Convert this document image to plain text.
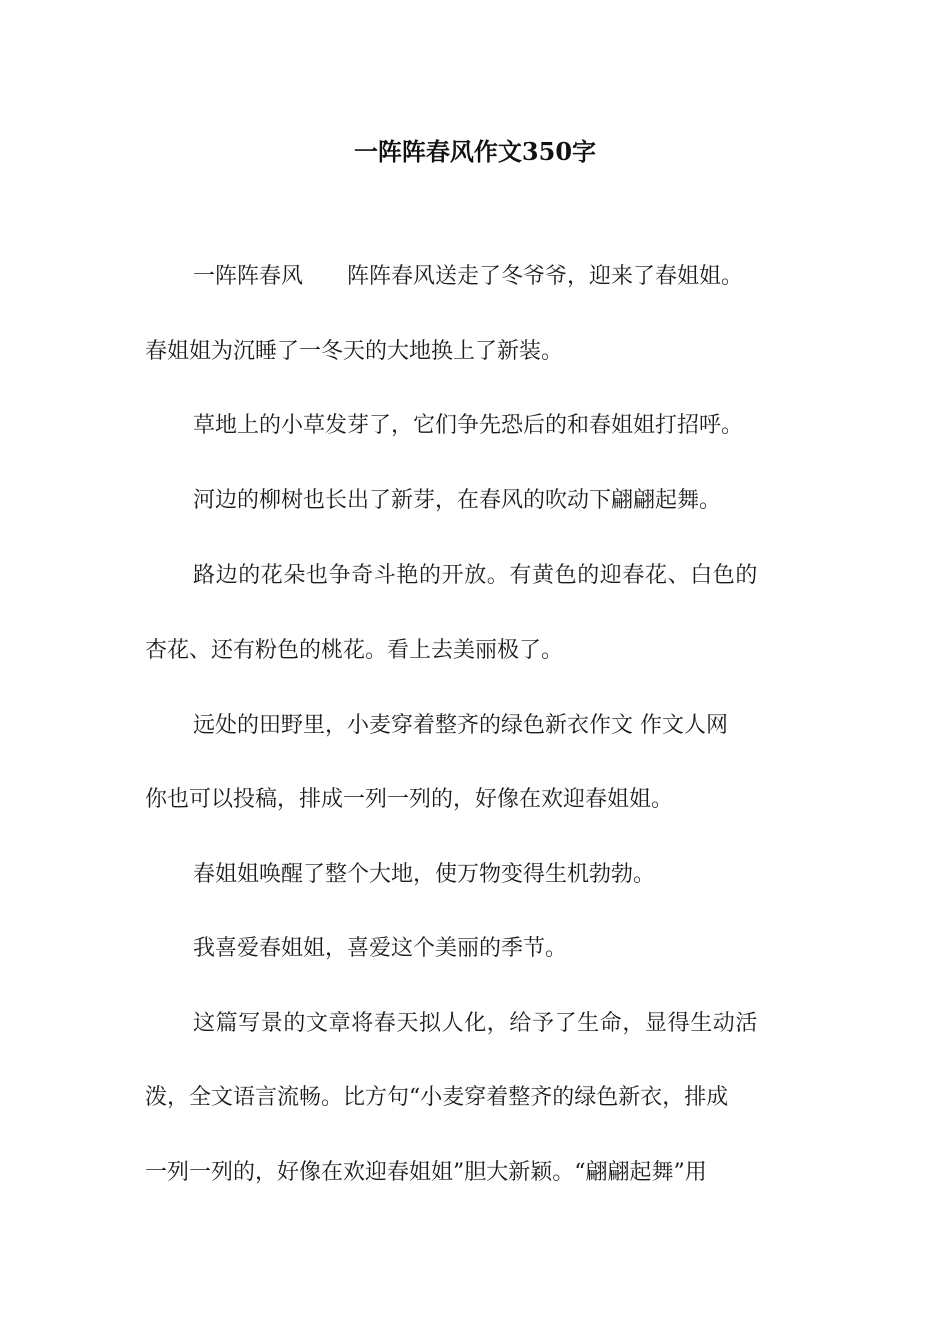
一阵阵春风作文350字
一阵阵春风　　阵阵春风送走了冬爷爷，迎来了春姐姐。
春姐姐为沉睡了一冬天的大地换上了新装。
草地上的小草发芽了，它们争先恐后的和春姐姐打招呼。
河边的柳树也长出了新芽，在春风的吹动下翩翩起舞。
路边的花朵也争奇斗艳的开放。有黄色的迎春花、白色的
杏花、还有粉色的桃花。看上去美丽极了。
远处的田野里，小麦穿着整齐的绿色新衣作文 作文人网
你也可以投稿，排成一列一列的，好像在欢迎春姐姐。
春姐姐唤醒了整个大地，使万物变得生机勃勃。
我喜爱春姐姐，喜爱这个美丽的季节。
这篇写景的文章将春天拟人化，给予了生命，显得生动活
泼，全文语言流畅。比方句“小麦穿着整齐的绿色新衣，排成
一列一列的，好像在欢迎春姐姐”胆大新颖。“翩翩起舞”用
